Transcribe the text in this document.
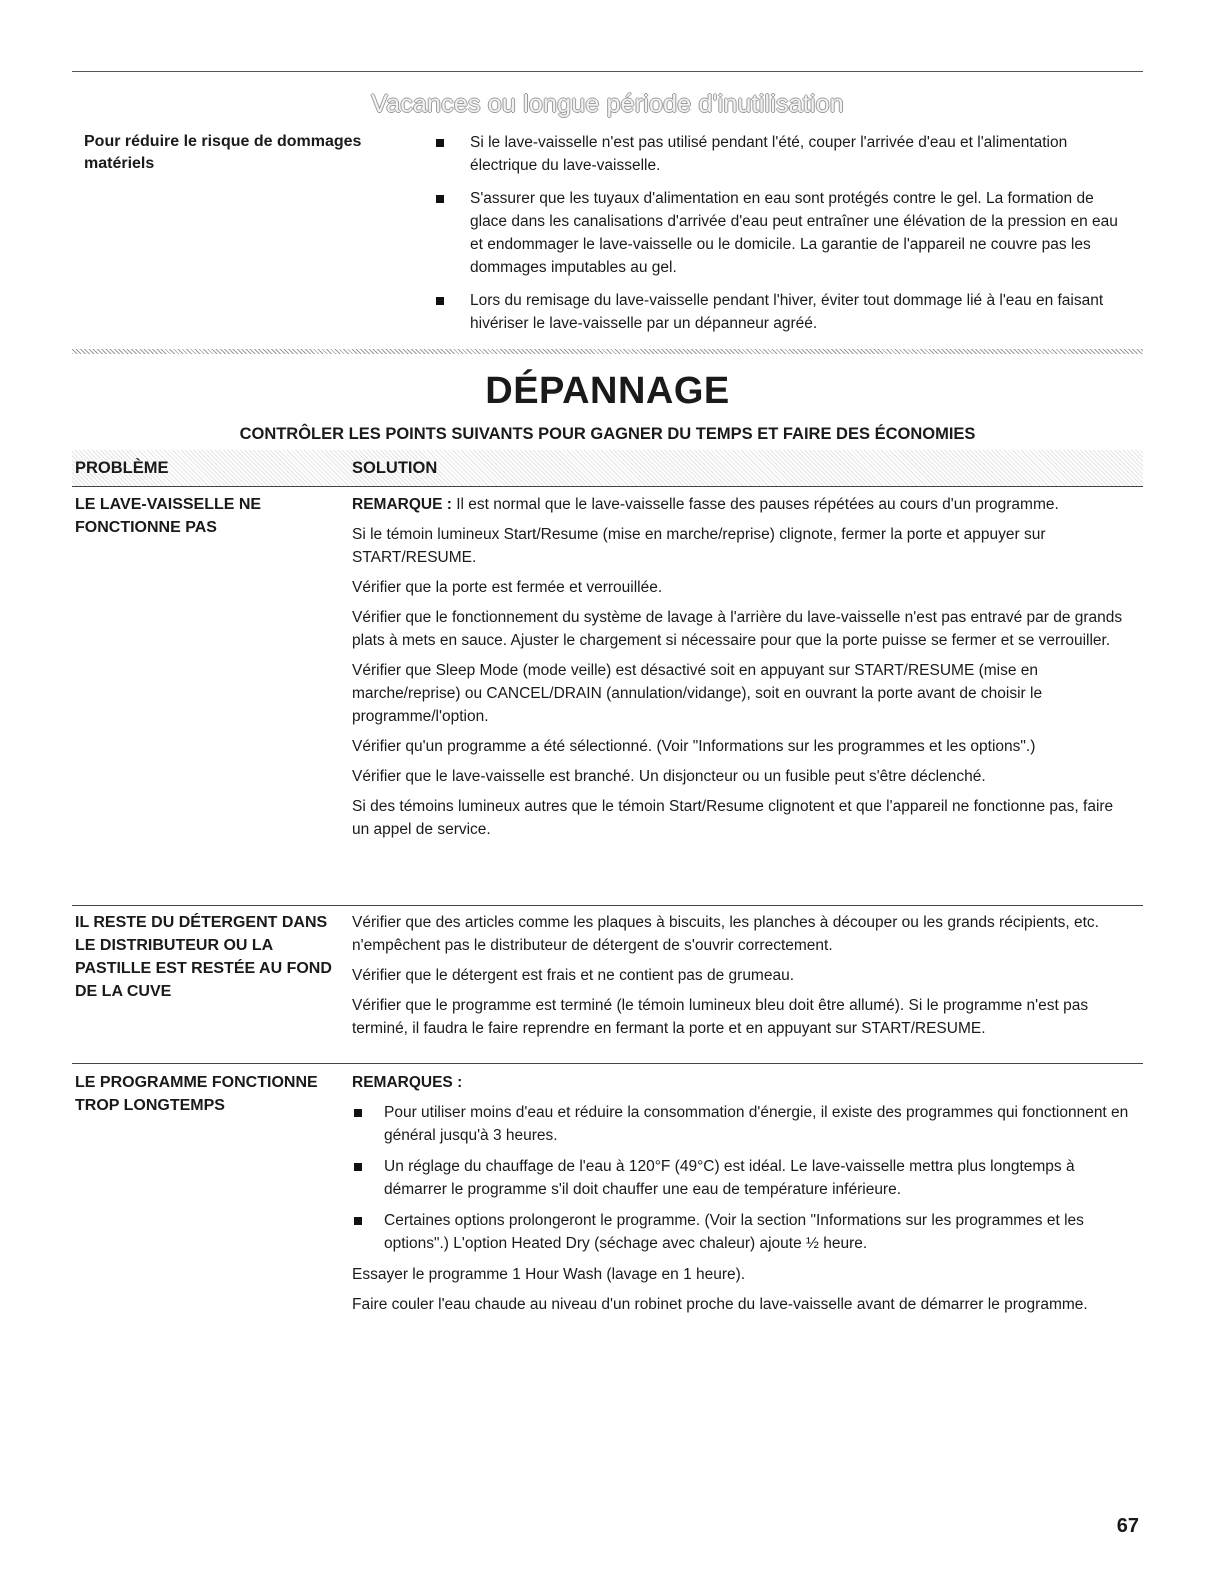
Vacances ou longue période d'inutilisation
Pour réduire le risque de dommages matériels
Si le lave-vaisselle n'est pas utilisé pendant l'été, couper l'arrivée d'eau et l'alimentation électrique du lave-vaisselle.
S'assurer que les tuyaux d'alimentation en eau sont protégés contre le gel. La formation de glace dans les canalisations d'arrivée d'eau peut entraîner une élévation de la pression en eau et endommager le lave-vaisselle ou le domicile. La garantie de l'appareil ne couvre pas les dommages imputables au gel.
Lors du remisage du lave-vaisselle pendant l'hiver, éviter tout dommage lié à l'eau en faisant hivériser le lave-vaisselle par un dépanneur agréé.
DÉPANNAGE
CONTRÔLER LES POINTS SUIVANTS POUR GAGNER DU TEMPS ET FAIRE DES ÉCONOMIES
PROBLÈME	SOLUTION
LE LAVE-VAISSELLE NE FONCTIONNE PAS

REMARQUE : Il est normal que le lave-vaisselle fasse des pauses répétées au cours d'un programme.

Si le témoin lumineux Start/Resume (mise en marche/reprise) clignote, fermer la porte et appuyer sur START/RESUME.

Vérifier que la porte est fermée et verrouillée.

Vérifier que le fonctionnement du système de lavage à l'arrière du lave-vaisselle n'est pas entravé par de grands plats à mets en sauce. Ajuster le chargement si nécessaire pour que la porte puisse se fermer et se verrouiller.

Vérifier que Sleep Mode (mode veille) est désactivé soit en appuyant sur START/RESUME (mise en marche/reprise) ou CANCEL/DRAIN (annulation/vidange), soit en ouvrant la porte avant de choisir le programme/l'option.

Vérifier qu'un programme a été sélectionné. (Voir "Informations sur les programmes et les options".)

Vérifier que le lave-vaisselle est branché. Un disjoncteur ou un fusible peut s'être déclenché.

Si des témoins lumineux autres que le témoin Start/Resume clignotent et que l'appareil ne fonctionne pas, faire un appel de service.

IL RESTE DU DÉTERGENT DANS LE DISTRIBUTEUR OU LA PASTILLE EST RESTÉE AU FOND DE LA CUVE

Vérifier que des articles comme les plaques à biscuits, les planches à découper ou les grands récipients, etc. n'empêchent pas le distributeur de détergent de s'ouvrir correctement.

Vérifier que le détergent est frais et ne contient pas de grumeau.

Vérifier que le programme est terminé (le témoin lumineux bleu doit être allumé). Si le programme n'est pas terminé, il faudra le faire reprendre en fermant la porte et en appuyant sur START/RESUME.

LE PROGRAMME FONCTIONNE TROP LONGTEMPS

REMARQUES :

Pour utiliser moins d'eau et réduire la consommation d'énergie, il existe des programmes qui fonctionnent en général jusqu'à 3 heures.
Un réglage du chauffage de l'eau à 120°F (49°C) est idéal. Le lave-vaisselle mettra plus longtemps à démarrer le programme s'il doit chauffer une eau de température inférieure.
Certaines options prolongeront le programme. (Voir la section "Informations sur les programmes et les options".) L'option Heated Dry (séchage avec chaleur) ajoute ½ heure.

Essayer le programme 1 Hour Wash (lavage en 1 heure).

Faire couler l'eau chaude au niveau d'un robinet proche du lave-vaisselle avant de démarrer le programme.

67
